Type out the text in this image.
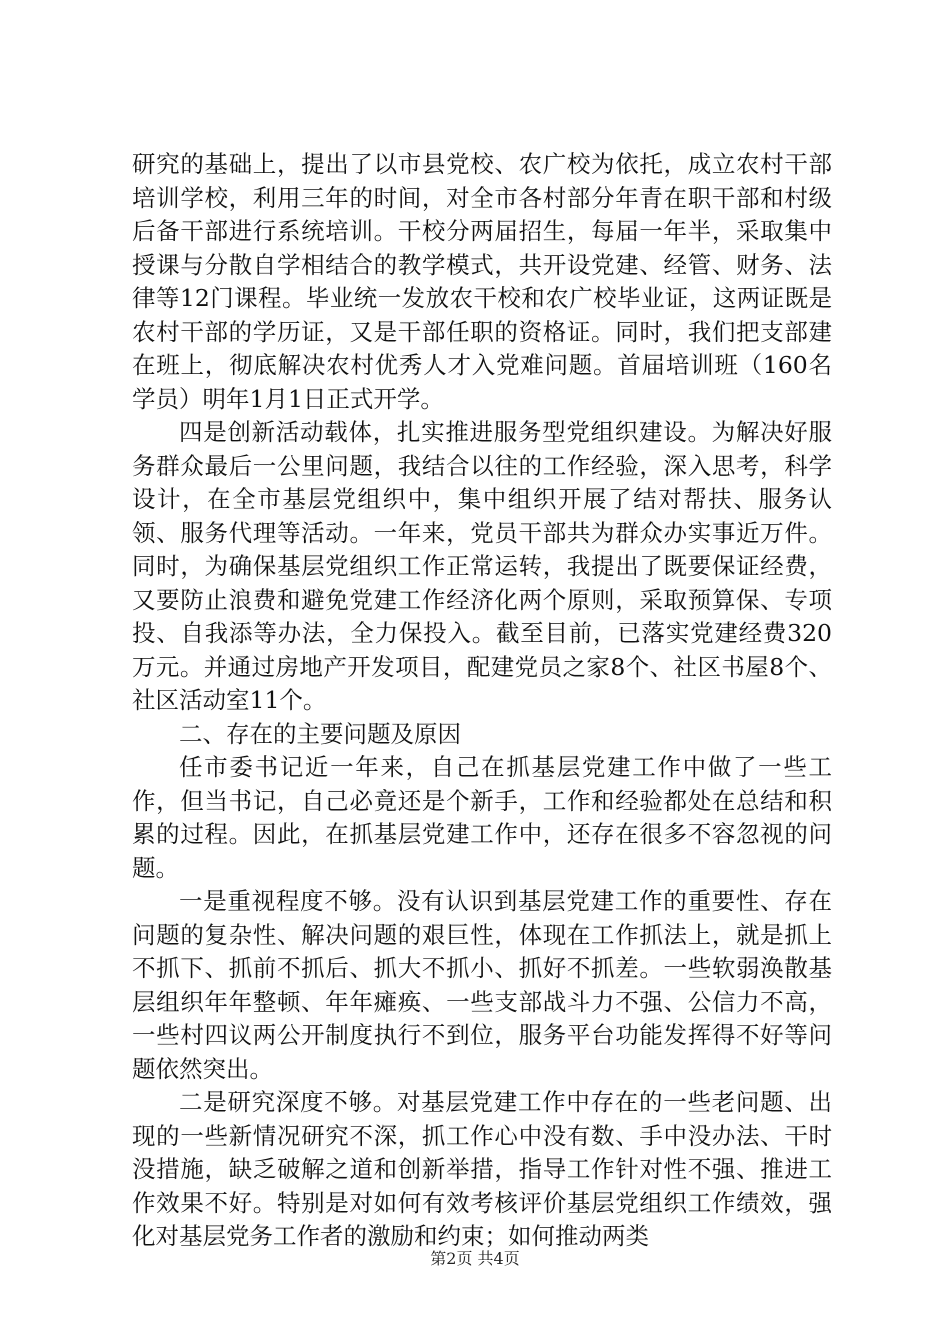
研究的基础上，提出了以市县党校、农广校为依托，成立农村干部培训学校，利用三年的时间，对全市各村部分年青在职干部和村级后备干部进行系统培训。干校分两届招生，每届一年半，采取集中授课与分散自学相结合的教学模式，共开设党建、经管、财务、法律等12门课程。毕业统一发放农干校和农广校毕业证，这两证既是农村干部的学历证，又是干部任职的资格证。同时，我们把支部建在班上，彻底解决农村优秀人才入党难问题。首届培训班（160名学员）明年1月1日正式开学。

四是创新活动载体，扎实推进服务型党组织建设。为解决好服务群众最后一公里问题，我结合以往的工作经验，深入思考，科学设计，在全市基层党组织中，集中组织开展了结对帮扶、服务认领、服务代理等活动。一年来，党员干部共为群众办实事近万件。同时，为确保基层党组织工作正常运转，我提出了既要保证经费，又要防止浪费和避免党建工作经济化两个原则，采取预算保、专项投、自我添等办法，全力保投入。截至目前，已落实党建经费320万元。并通过房地产开发项目，配建党员之家8个、社区书屋8个、社区活动室11个。

二、存在的主要问题及原因

任市委书记近一年来，自己在抓基层党建工作中做了一些工作，但当书记，自己必竟还是个新手，工作和经验都处在总结和积累的过程。因此，在抓基层党建工作中，还存在很多不容忽视的问题。

一是重视程度不够。没有认识到基层党建工作的重要性、存在问题的复杂性、解决问题的艰巨性，体现在工作抓法上，就是抓上不抓下、抓前不抓后、抓大不抓小、抓好不抓差。一些软弱涣散基层组织年年整顿、年年瘫痪、一些支部战斗力不强、公信力不高，一些村四议两公开制度执行不到位，服务平台功能发挥得不好等问题依然突出。

二是研究深度不够。对基层党建工作中存在的一些老问题、出现的一些新情况研究不深，抓工作心中没有数、手中没办法、干时没措施，缺乏破解之道和创新举措，指导工作针对性不强、推进工作效果不好。特别是对如何有效考核评价基层党组织工作绩效，强化对基层党务工作者的激励和约束；如何推动两类

第2页 共4页
